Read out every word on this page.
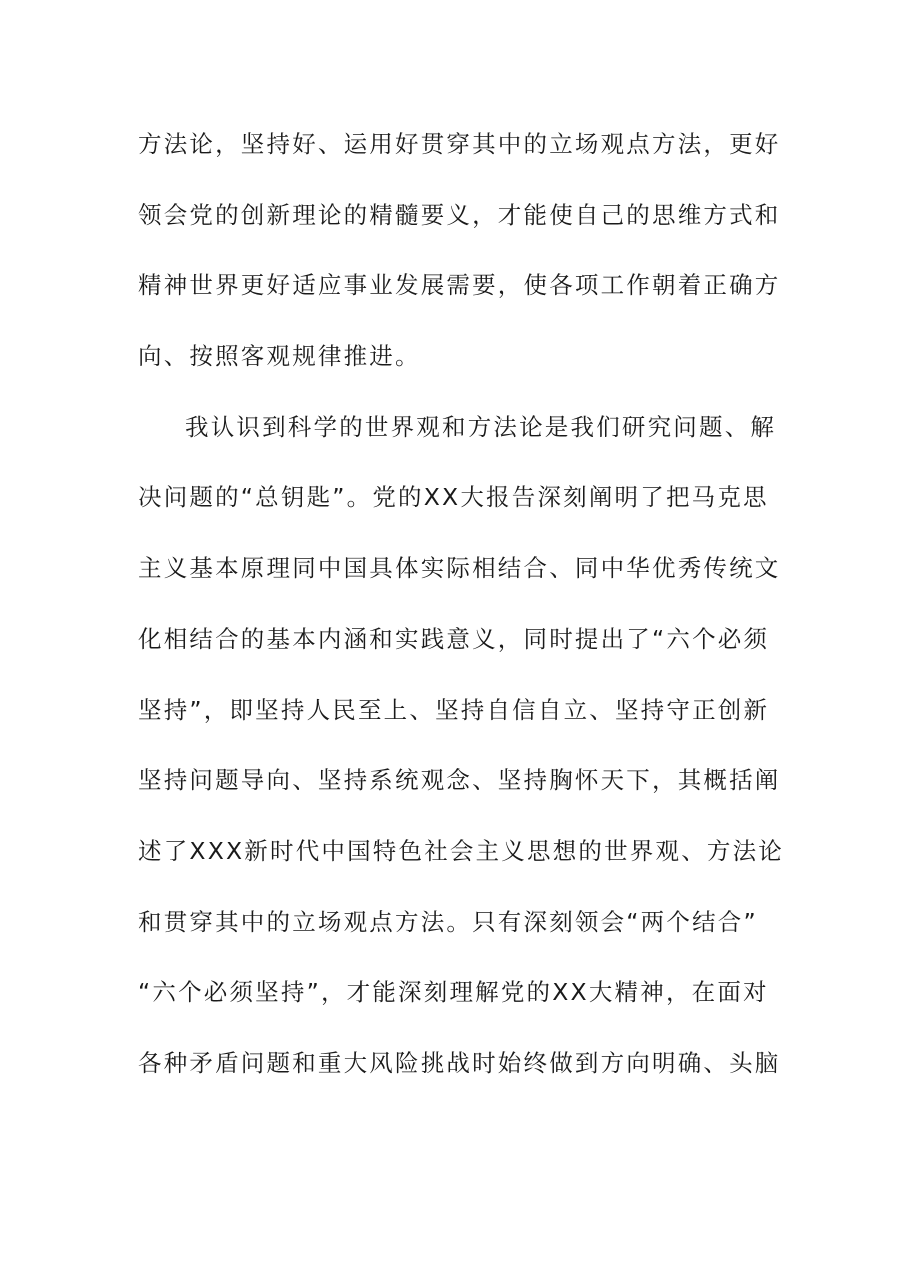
方法论，坚持好、运用好贯穿其中的立场观点方法，更好
领会党的创新理论的精髓要义，才能使自己的思维方式和
精神世界更好适应事业发展需要，使各项工作朝着正确方
向、按照客观规律推进。
我认识到科学的世界观和方法论是我们研究问题、解
决问题的“总钥匙”。党的XX大报告深刻阐明了把马克思
主义基本原理同中国具体实际相结合、同中华优秀传统文
化相结合的基本内涵和实践意义，同时提出了“六个必须
坚持”，即坚持人民至上、坚持自信自立、坚持守正创新
坚持问题导向、坚持系统观念、坚持胸怀天下，其概括阐
述了XXX新时代中国特色社会主义思想的世界观、方法论
和贯穿其中的立场观点方法。只有深刻领会“两个结合”
“六个必须坚持”，才能深刻理解党的XX大精神，在面对
各种矛盾问题和重大风险挑战时始终做到方向明确、头脑
